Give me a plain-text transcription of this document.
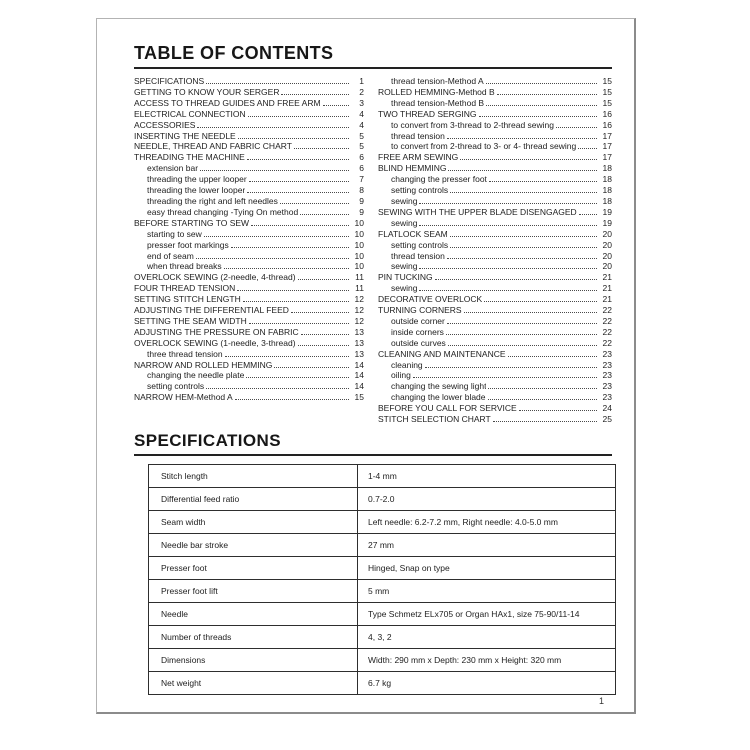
TABLE OF CONTENTS
SPECIFICATIONS	1
GETTING TO KNOW YOUR SERGER	2
ACCESS TO THREAD GUIDES AND FREE ARM	3
ELECTRICAL CONNECTION	4
ACCESSORIES	4
INSERTING THE NEEDLE	5
NEEDLE, THREAD AND FABRIC CHART	5
THREADING THE MACHINE	6
extension bar	6
threading the upper looper	7
threading the lower looper	8
threading the right and left needles	9
easy thread changing -Tying On method	9
BEFORE STARTING TO SEW	10
starting to sew	10
presser foot markings	10
end of seam	10
when thread breaks	10
OVERLOCK SEWING (2-needle, 4-thread)	11
FOUR THREAD TENSION	11
SETTING STITCH LENGTH	12
ADJUSTING THE DIFFERENTIAL FEED	12
SETTING THE SEAM WIDTH	12
ADJUSTING THE PRESSURE ON FABRIC	13
OVERLOCK SEWING (1-needle, 3-thread)	13
three thread tension	13
NARROW AND ROLLED HEMMING	14
changing the needle plate	14
setting controls	14
NARROW HEM-Method A	15
thread tension-Method A	15
ROLLED HEMMING-Method B	15
thread tension-Method B	15
TWO THREAD SERGING	16
to convert from 3-thread to 2-thread sewing	16
thread tension	17
to convert from 2-thread to 3- or 4- thread sewing	17
FREE ARM SEWING	17
BLIND HEMMING	18
changing the presser foot	18
setting controls	18
sewing	18
SEWING WITH THE UPPER BLADE DISENGAGED	19
sewing	19
FLATLOCK SEAM	20
setting controls	20
thread tension	20
sewing	20
PIN TUCKING	21
sewing	21
DECORATIVE OVERLOCK	21
TURNING CORNERS	22
outside corner	22
inside corners	22
outside curves	22
CLEANING AND MAINTENANCE	23
cleaning	23
oiling	23
changing the sewing light	23
changing the lower blade	23
BEFORE YOU CALL FOR SERVICE	24
STITCH SELECTION CHART	25
SPECIFICATIONS
Stitch length	1-4 mm
Differential feed ratio	0.7-2.0
Seam width	Left needle: 6.2-7.2 mm, Right needle: 4.0-5.0 mm
Needle bar stroke	27 mm
Presser foot	Hinged, Snap on type
Presser foot lift	5 mm
Needle	Type Schmetz ELx705 or Organ HAx1, size 75-90/11-14
Number of threads	4, 3, 2
Dimensions	Width: 290 mm x Depth: 230 mm x Height: 320 mm
Net weight	6.7 kg
1
